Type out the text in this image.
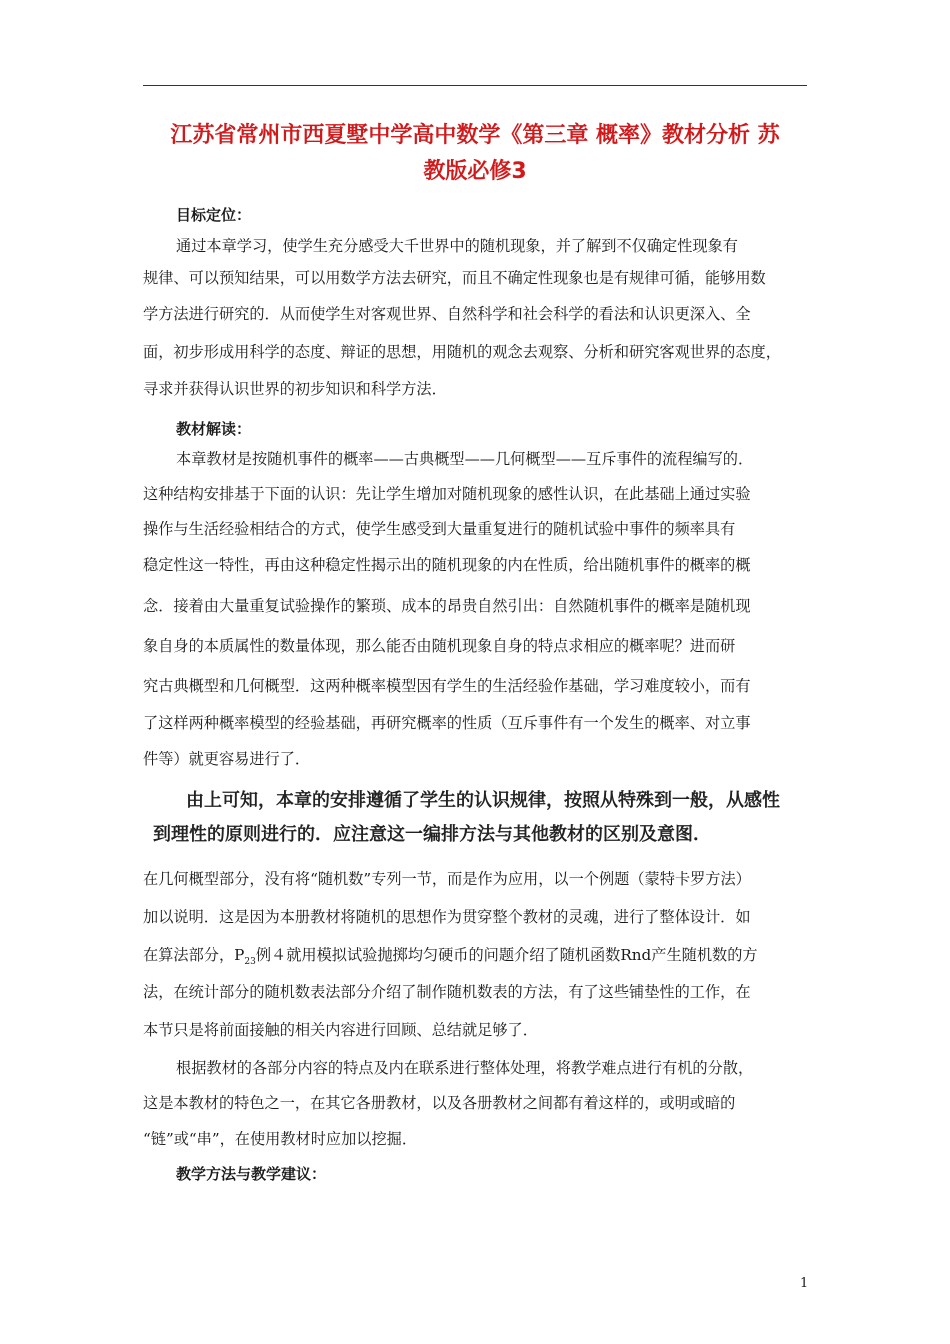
江苏省常州市西夏墅中学高中数学《第三章 概率》教材分析 苏
教版必修3
目标定位：
通过本章学习，使学生充分感受大千世界中的随机现象，并了解到不仅确定性现象有
规律、可以预知结果，可以用数学方法去研究，而且不确定性现象也是有规律可循，能够用数
学方法进行研究的．从而使学生对客观世界、自然科学和社会科学的看法和认识更深入、全
面，初步形成用科学的态度、辩证的思想，用随机的观念去观察、分析和研究客观世界的态度，
寻求并获得认识世界的初步知识和科学方法．
教材解读：
本章教材是按随机事件的概率——古典概型——几何概型——互斥事件的流程编写的．
这种结构安排基于下面的认识：先让学生增加对随机现象的感性认识，在此基础上通过实验
操作与生活经验相结合的方式，使学生感受到大量重复进行的随机试验中事件的频率具有
稳定性这一特性，再由这种稳定性揭示出的随机现象的内在性质，给出随机事件的概率的概
念．接着由大量重复试验操作的繁琐、成本的昂贵自然引出：自然随机事件的概率是随机现
象自身的本质属性的数量体现，那么能否由随机现象自身的特点求相应的概率呢？进而研
究古典概型和几何概型．这两种概率模型因有学生的生活经验作基础，学习难度较小，而有
了这样两种概率模型的经验基础，再研究概率的性质（互斥事件有一个发生的概率、对立事
件等）就更容易进行了．
由上可知，本章的安排遵循了学生的认识规律，按照从特殊到一般，从感性
到理性的原则进行的．应注意这一编排方法与其他教材的区别及意图．
在几何概型部分，没有将“随机数”专列一节，而是作为应用，以一个例题（蒙特卡罗方法）
加以说明．这是因为本册教材将随机的思想作为贯穿整个教材的灵魂，进行了整体设计．如
在算法部分，$P_{23}$例４就用模拟试验抛掷均匀硬币的问题介绍了随机函数Rnd产生随机数的方
法，在统计部分的随机数表法部分介绍了制作随机数表的方法，有了这些铺垫性的工作，在
本节只是将前面接触的相关内容进行回顾、总结就足够了．
根据教材的各部分内容的特点及内在联系进行整体处理，将教学难点进行有机的分散，
这是本教材的特色之一，在其它各册教材，以及各册教材之间都有着这样的，或明或暗的
“链”或“串”，在使用教材时应加以挖掘．
教学方法与教学建议：
1
